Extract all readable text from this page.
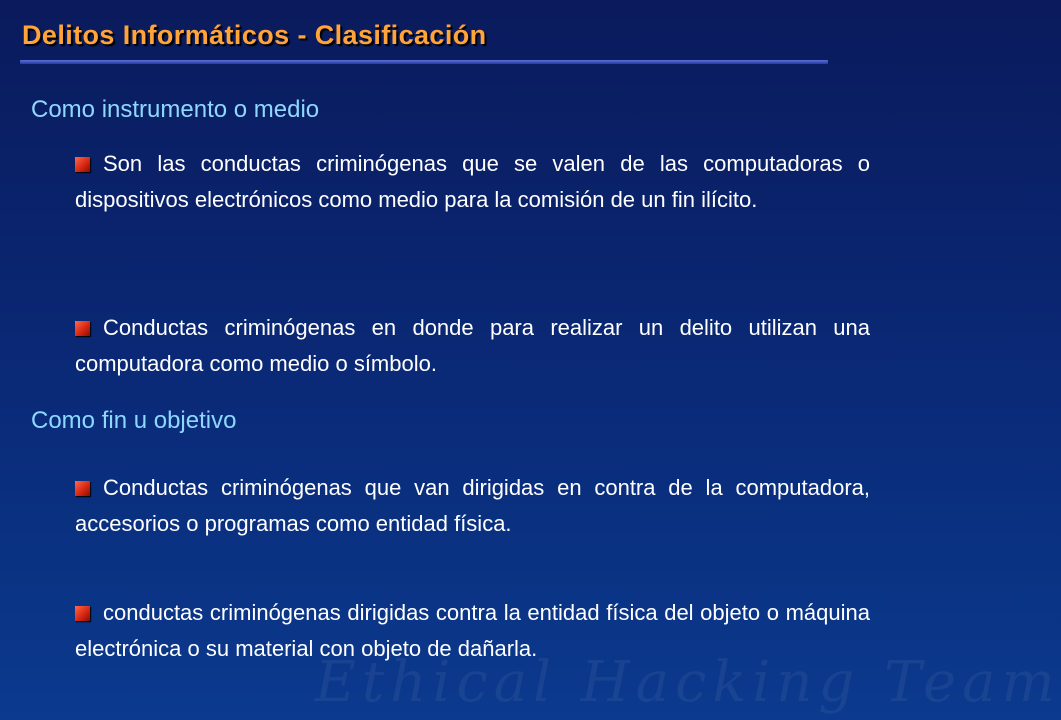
Ethical Hacking Team
Delitos Informáticos - Clasificación
Como instrumento o medio
Son las conductas criminógenas que se valen de las computadoras o dispositivos electrónicos como medio para la comisión de un fin ilícito.
Conductas criminógenas en donde para realizar un delito utilizan una computadora como medio o símbolo.
Como fin u objetivo
Conductas criminógenas que van dirigidas en contra de la computadora, accesorios o programas como entidad física.
conductas criminógenas dirigidas contra la entidad física del objeto o máquina electrónica o su material con objeto de dañarla.
